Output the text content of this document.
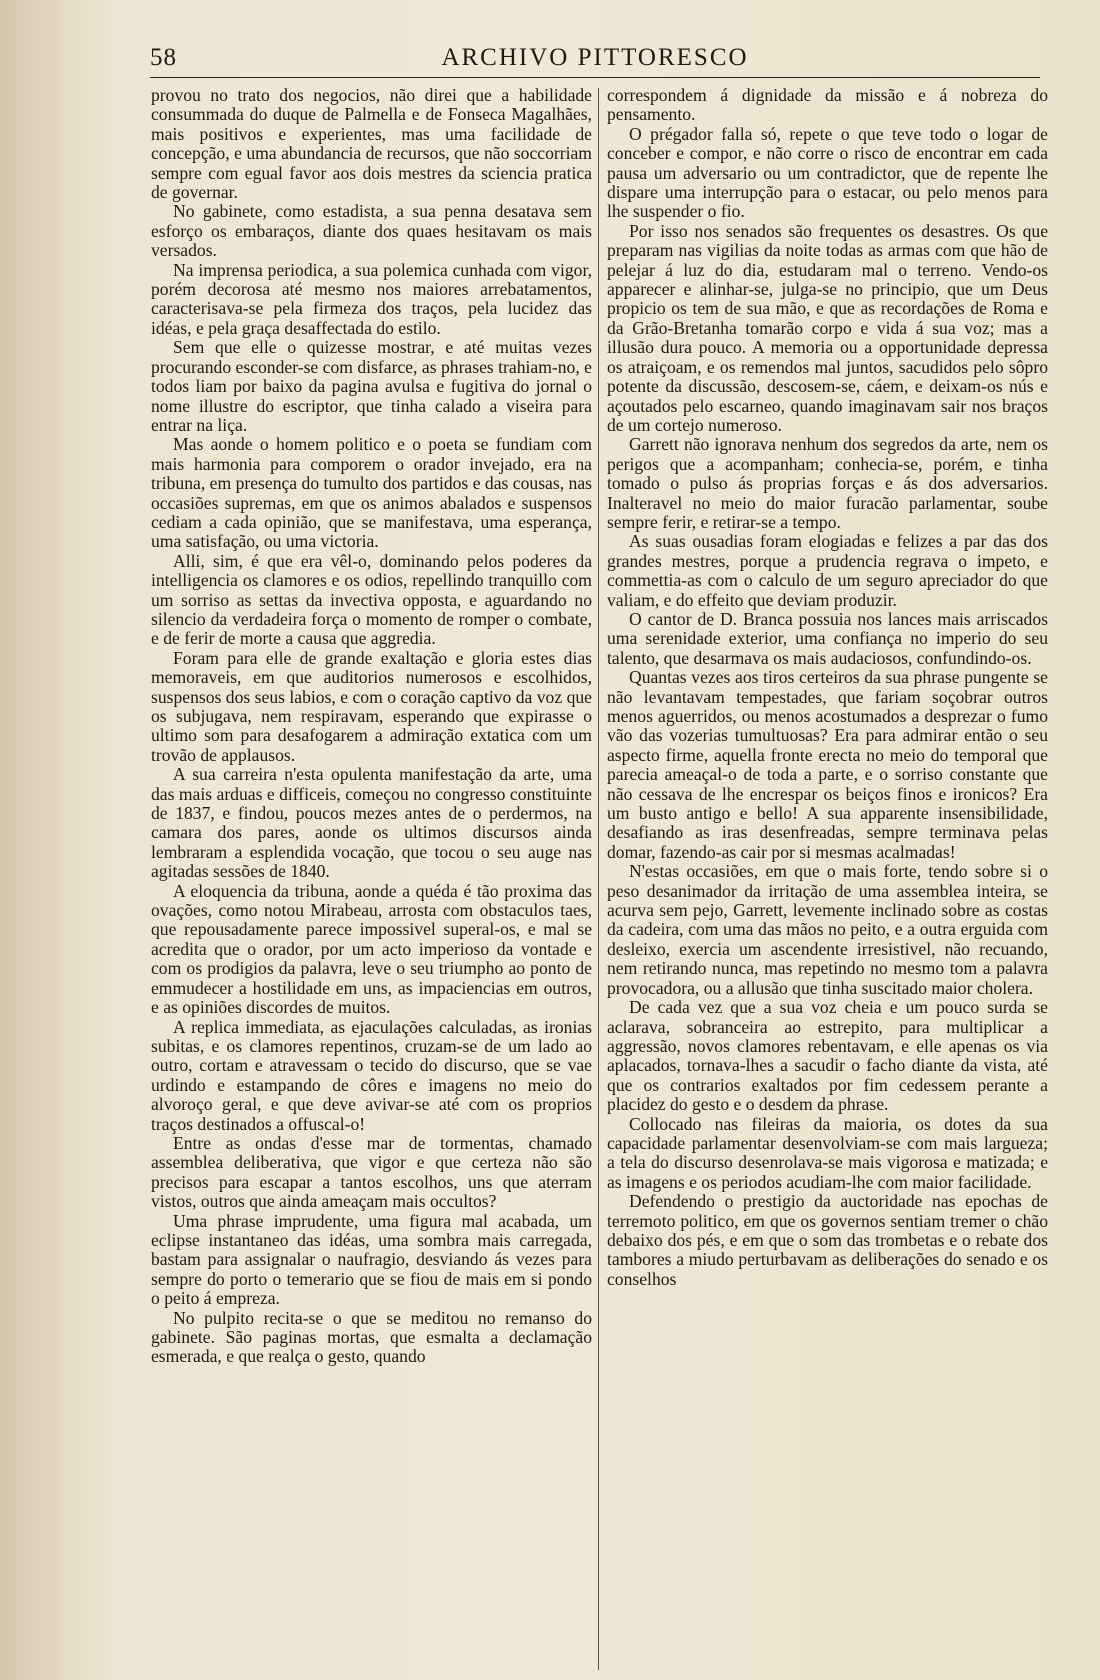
58	ARCHIVO PITTORESCO

provou no trato dos negocios, não direi que a habilidade consummada do duque de Palmella e de Fonseca Magalhães, mais positivos e experientes, mas uma facilidade de concepção, e uma abundancia de recursos, que não soccorriam sempre com egual favor aos dois mestres da sciencia pratica de governar.

No gabinete, como estadista, a sua penna desatava sem esforço os embaraços, diante dos quaes hesitavam os mais versados.

Na imprensa periodica, a sua polemica cunhada com vigor, porém decorosa até mesmo nos maiores arrebatamentos, caracterisava-se pela firmeza dos traços, pela lucidez das idéas, e pela graça desaffectada do estilo.

Sem que elle o quizesse mostrar, e até muitas vezes procurando esconder-se com disfarce, as phrases trahiam-no, e todos liam por baixo da pagina avulsa e fugitiva do jornal o nome illustre do escriptor, que tinha calado a viseira para entrar na liça.

Mas aonde o homem politico e o poeta se fundiam com mais harmonia para comporem o orador invejado, era na tribuna, em presença do tumulto dos partidos e das cousas, nas occasiões supremas, em que os animos abalados e suspensos cediam a cada opinião, que se manifestava, uma esperança, uma satisfação, ou uma victoria.

Alli, sim, é que era vêl-o, dominando pelos poderes da intelligencia os clamores e os odios, repellindo tranquillo com um sorriso as settas da invectiva opposta, e aguardando no silencio da verdadeira força o momento de romper o combate, e de ferir de morte a causa que aggredia.

Foram para elle de grande exaltação e gloria estes dias memoraveis, em que auditorios numerosos e escolhidos, suspensos dos seus labios, e com o coração captivo da voz que os subjugava, nem respiravam, esperando que expirasse o ultimo som para desafogarem a admiração extatica com um trovão de applausos.

A sua carreira n'esta opulenta manifestação da arte, uma das mais arduas e difficeis, começou no congresso constituinte de 1837, e findou, poucos mezes antes de o perdermos, na camara dos pares, aonde os ultimos discursos ainda lembraram a esplendida vocação, que tocou o seu auge nas agitadas sessões de 1840.

A eloquencia da tribuna, aonde a quéda é tão proxima das ovações, como notou Mirabeau, arrosta com obstaculos taes, que repousadamente parece impossivel superal-os, e mal se acredita que o orador, por um acto imperioso da vontade e com os prodigios da palavra, leve o seu triumpho ao ponto de emmudecer a hostilidade em uns, as impaciencias em outros, e as opiniões discordes de muitos.

A replica immediata, as ejaculações calculadas, as ironias subitas, e os clamores repentinos, cruzam-se de um lado ao outro, cortam e atravessam o tecido do discurso, que se vae urdindo e estampando de côres e imagens no meio do alvoroço geral, e que deve avivar-se até com os proprios traços destinados a offuscal-o!

Entre as ondas d'esse mar de tormentas, chamado assemblea deliberativa, que vigor e que certeza não são precisos para escapar a tantos escolhos, uns que aterram vistos, outros que ainda ameaçam mais occultos?

Uma phrase imprudente, uma figura mal acabada, um eclipse instantaneo das idéas, uma sombra mais carregada, bastam para assignalar o naufragio, desviando ás vezes para sempre do porto o temerario que se fiou de mais em si pondo o peito á empreza.

No pulpito recita-se o que se meditou no remanso do gabinete. São paginas mortas, que esmalta a declamação esmerada, e que realça o gesto, quando

correspondem á dignidade da missão e á nobreza do pensamento.

O prégador falla só, repete o que teve todo o logar de conceber e compor, e não corre o risco de encontrar em cada pausa um adversario ou um contradictor, que de repente lhe dispare uma interrupção para o estacar, ou pelo menos para lhe suspender o fio.

Por isso nos senados são frequentes os desastres. Os que preparam nas vigilias da noite todas as armas com que hão de pelejar á luz do dia, estudaram mal o terreno. Vendo-os apparecer e alinhar-se, julga-se no principio, que um Deus propicio os tem de sua mão, e que as recordações de Roma e da Grão-Bretanha tomarão corpo e vida á sua voz; mas a illusão dura pouco. A memoria ou a opportunidade depressa os atraiçoam, e os remendos mal juntos, sacudidos pelo sôpro potente da discussão, descosem-se, cáem, e deixam-os nús e açoutados pelo escarneo, quando imaginavam sair nos braços de um cortejo numeroso.

Garrett não ignorava nenhum dos segredos da arte, nem os perigos que a acompanham; conhecia-se, porém, e tinha tomado o pulso ás proprias forças e ás dos adversarios. Inalteravel no meio do maior furacão parlamentar, soube sempre ferir, e retirar-se a tempo.

As suas ousadias foram elogiadas e felizes a par das dos grandes mestres, porque a prudencia regrava o impeto, e commettia-as com o calculo de um seguro apreciador do que valiam, e do effeito que deviam produzir.

O cantor de D. Branca possuia nos lances mais arriscados uma serenidade exterior, uma confiança no imperio do seu talento, que desarmava os mais audaciosos, confundindo-os.

Quantas vezes aos tiros certeiros da sua phrase pungente se não levantavam tempestades, que fariam soçobrar outros menos aguerridos, ou menos acostumados a desprezar o fumo vão das vozerias tumultuosas? Era para admirar então o seu aspecto firme, aquella fronte erecta no meio do temporal que parecia ameaçal-o de toda a parte, e o sorriso constante que não cessava de lhe encrespar os beiços finos e ironicos? Era um busto antigo e bello! A sua apparente insensibilidade, desafiando as iras desenfreadas, sempre terminava pelas domar, fazendo-as cair por si mesmas acalmadas!

N'estas occasiões, em que o mais forte, tendo sobre si o peso desanimador da irritação de uma assemblea inteira, se acurva sem pejo, Garrett, levemente inclinado sobre as costas da cadeira, com uma das mãos no peito, e a outra erguida com desleixo, exercia um ascendente irresistivel, não recuando, nem retirando nunca, mas repetindo no mesmo tom a palavra provocadora, ou a allusão que tinha suscitado maior cholera.

De cada vez que a sua voz cheia e um pouco surda se aclarava, sobranceira ao estrepito, para multiplicar a aggressão, novos clamores rebentavam, e elle apenas os via aplacados, tornava-lhes a sacudir o facho diante da vista, até que os contrarios exaltados por fim cedessem perante a placidez do gesto e o desdem da phrase.

Collocado nas fileiras da maioria, os dotes da sua capacidade parlamentar desenvolviam-se com mais largueza; a tela do discurso desenrolava-se mais vigorosa e matizada; e as imagens e os periodos acudiam-lhe com maior facilidade.

Defendendo o prestigio da auctoridade nas epochas de terremoto politico, em que os governos sentiam tremer o chão debaixo dos pés, e em que o som das trombetas e o rebate dos tambores a miudo perturbavam as deliberações do senado e os conselhos
